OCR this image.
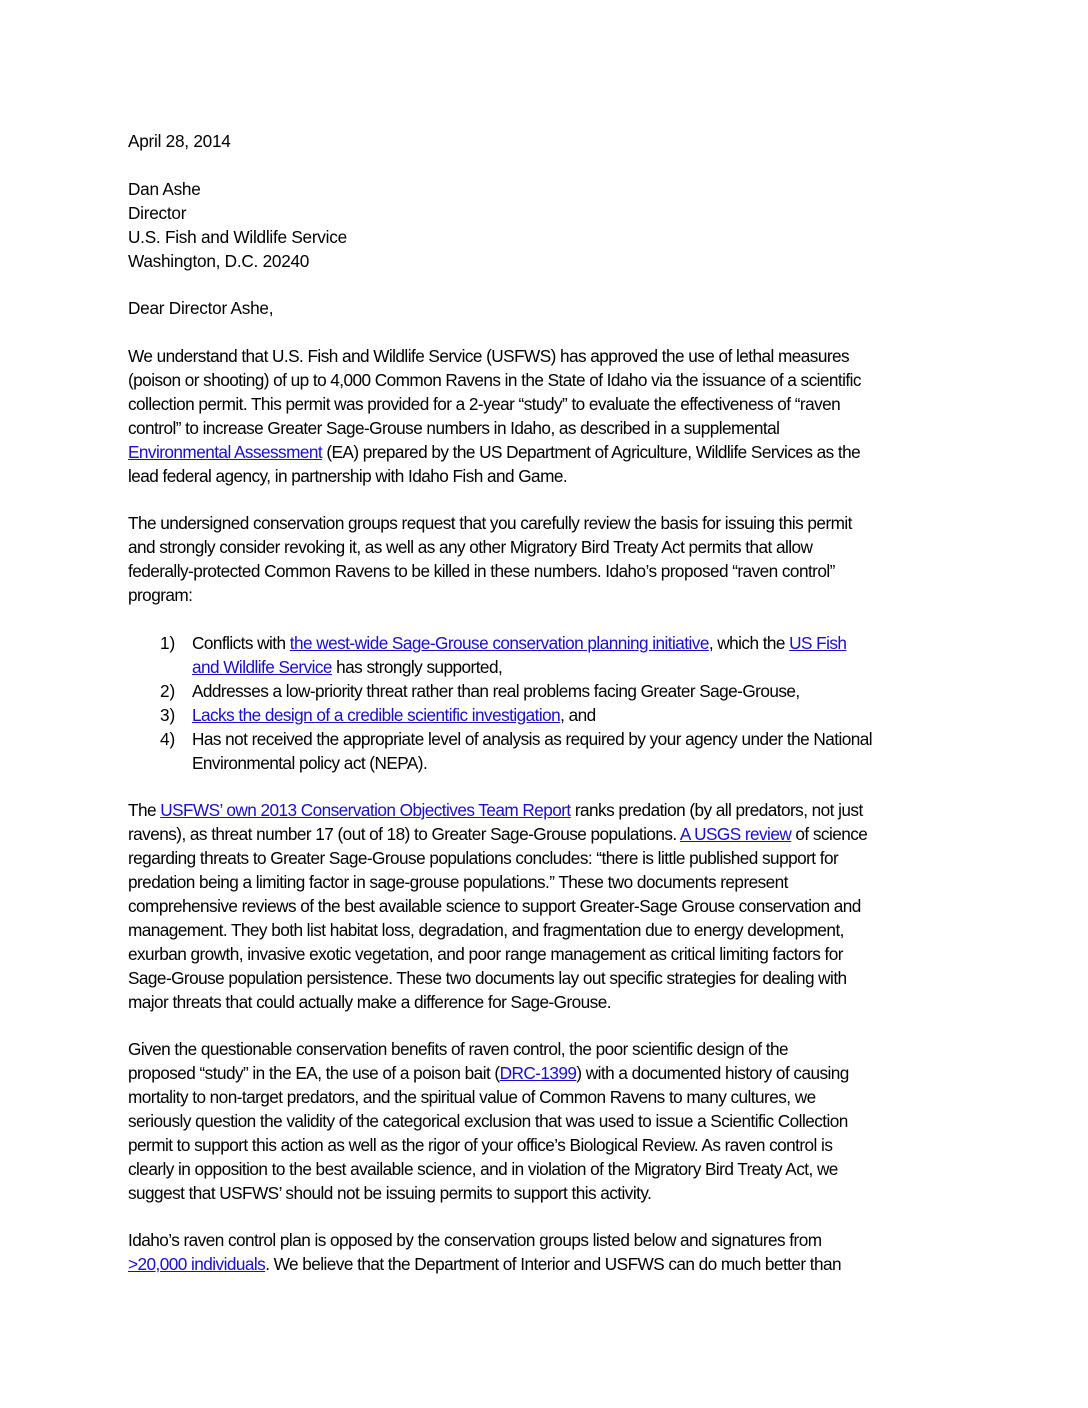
April 28, 2014
Dan Ashe
Director
U.S. Fish and Wildlife Service
Washington, D.C. 20240
Dear Director Ashe,
We understand that U.S. Fish and Wildlife Service (USFWS) has approved the use of lethal measures
(poison or shooting) of up to 4,000 Common Ravens in the State of Idaho via the issuance of a scientific
collection permit. This permit was provided for a 2-year “study” to evaluate the effectiveness of “raven
control” to increase Greater Sage-Grouse numbers in Idaho, as described in a supplemental
Environmental Assessment (EA) prepared by the US Department of Agriculture, Wildlife Services as the
lead federal agency, in partnership with Idaho Fish and Game.
The undersigned conservation groups request that you carefully review the basis for issuing this permit
and strongly consider revoking it, as well as any other Migratory Bird Treaty Act permits that allow
federally-protected Common Ravens to be killed in these numbers. Idaho’s proposed “raven control”
program:
1) Conflicts with the west-wide Sage-Grouse conservation planning initiative, which the US Fish
and Wildlife Service has strongly supported,
2) Addresses a low-priority threat rather than real problems facing Greater Sage-Grouse,
3) Lacks the design of a credible scientific investigation, and
4) Has not received the appropriate level of analysis as required by your agency under the National
Environmental policy act (NEPA).
The USFWS’ own 2013 Conservation Objectives Team Report ranks predation (by all predators, not just
ravens), as threat number 17 (out of 18) to Greater Sage-Grouse populations. A USGS review of science
regarding threats to Greater Sage-Grouse populations concludes: “there is little published support for
predation being a limiting factor in sage-grouse populations.” These two documents represent
comprehensive reviews of the best available science to support Greater-Sage Grouse conservation and
management. They both list habitat loss, degradation, and fragmentation due to energy development,
exurban growth, invasive exotic vegetation, and poor range management as critical limiting factors for
Sage-Grouse population persistence. These two documents lay out specific strategies for dealing with
major threats that could actually make a difference for Sage-Grouse.
Given the questionable conservation benefits of raven control, the poor scientific design of the
proposed “study” in the EA, the use of a poison bait (DRC-1399) with a documented history of causing
mortality to non-target predators, and the spiritual value of Common Ravens to many cultures, we
seriously question the validity of the categorical exclusion that was used to issue a Scientific Collection
permit to support this action as well as the rigor of your office’s Biological Review. As raven control is
clearly in opposition to the best available science, and in violation of the Migratory Bird Treaty Act, we
suggest that USFWS’ should not be issuing permits to support this activity.
Idaho’s raven control plan is opposed by the conservation groups listed below and signatures from
>20,000 individuals. We believe that the Department of Interior and USFWS can do much better than
